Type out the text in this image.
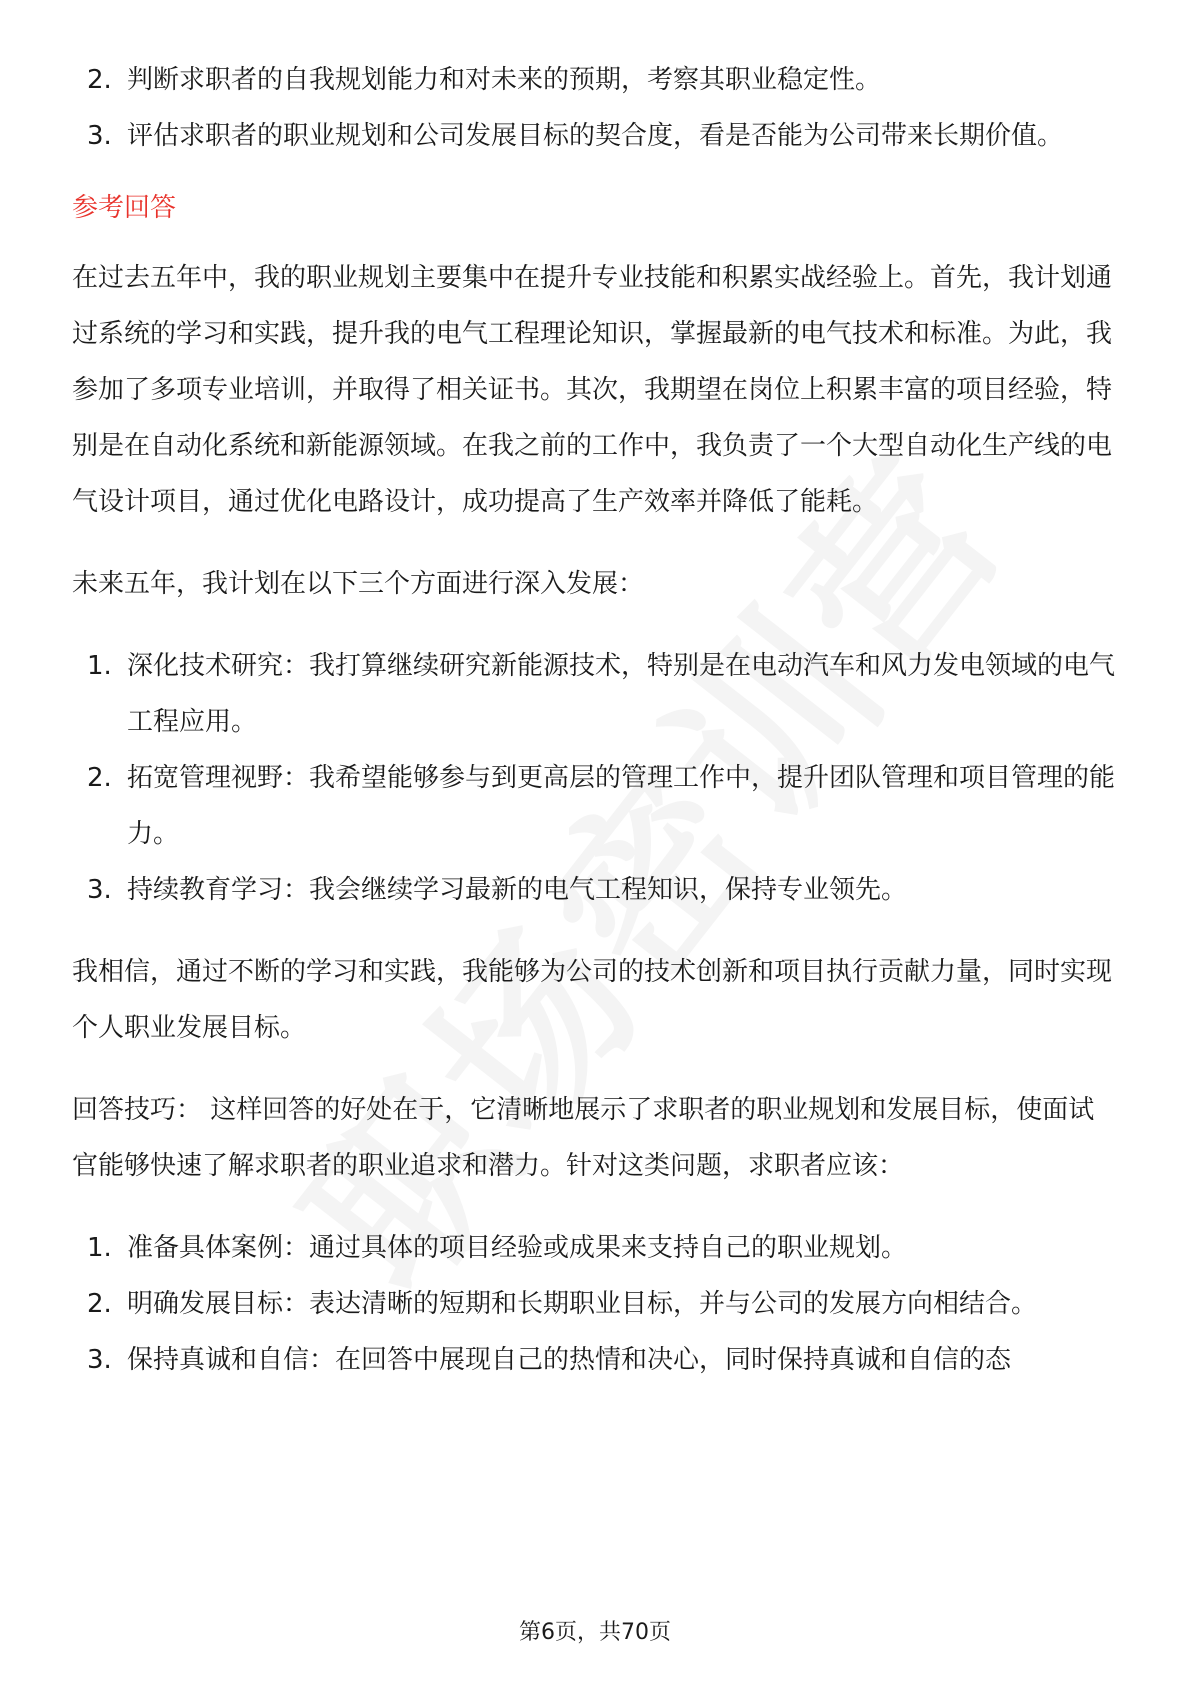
2. 判断求职者的自我规划能力和对未来的预期，考察其职业稳定性。
3. 评估求职者的职业规划和公司发展目标的契合度，看是否能为公司带来长期价值。
参考回答

在过去五年中，我的职业规划主要集中在提升专业技能和积累实战经验上。首先，我计划通过系统的学习和实践，提升我的电气工程理论知识，掌握最新的电气技术和标准。为此，我参加了多项专业培训，并取得了相关证书。其次，我期望在岗位上积累丰富的项目经验，特别是在自动化系统和新能源领域。在我之前的工作中，我负责了一个大型自动化生产线的电气设计项目，通过优化电路设计，成功提高了生产效率并降低了能耗。

未来五年，我计划在以下三个方面进行深入发展：

1. 深化技术研究：我打算继续研究新能源技术，特别是在电动汽车和风力发电领域的电气工程应用。
2. 拓宽管理视野：我希望能够参与到更高层的管理工作中，提升团队管理和项目管理的能力。
3. 持续教育学习：我会继续学习最新的电气工程知识，保持专业领先。

我相信，通过不断的学习和实践，我能够为公司的技术创新和项目执行贡献力量，同时实现个人职业发展目标。

回答技巧： 这样回答的好处在于，它清晰地展示了求职者的职业规划和发展目标，使面试官能够快速了解求职者的职业追求和潜力。针对这类问题，求职者应该：

1. 准备具体案例：通过具体的项目经验或成果来支持自己的职业规划。
2. 明确发展目标：表达清晰的短期和长期职业目标，并与公司的发展方向相结合。
3. 保持真诚和自信：在回答中展现自己的热情和决心，同时保持真诚和自信的态
第6页，共70页
